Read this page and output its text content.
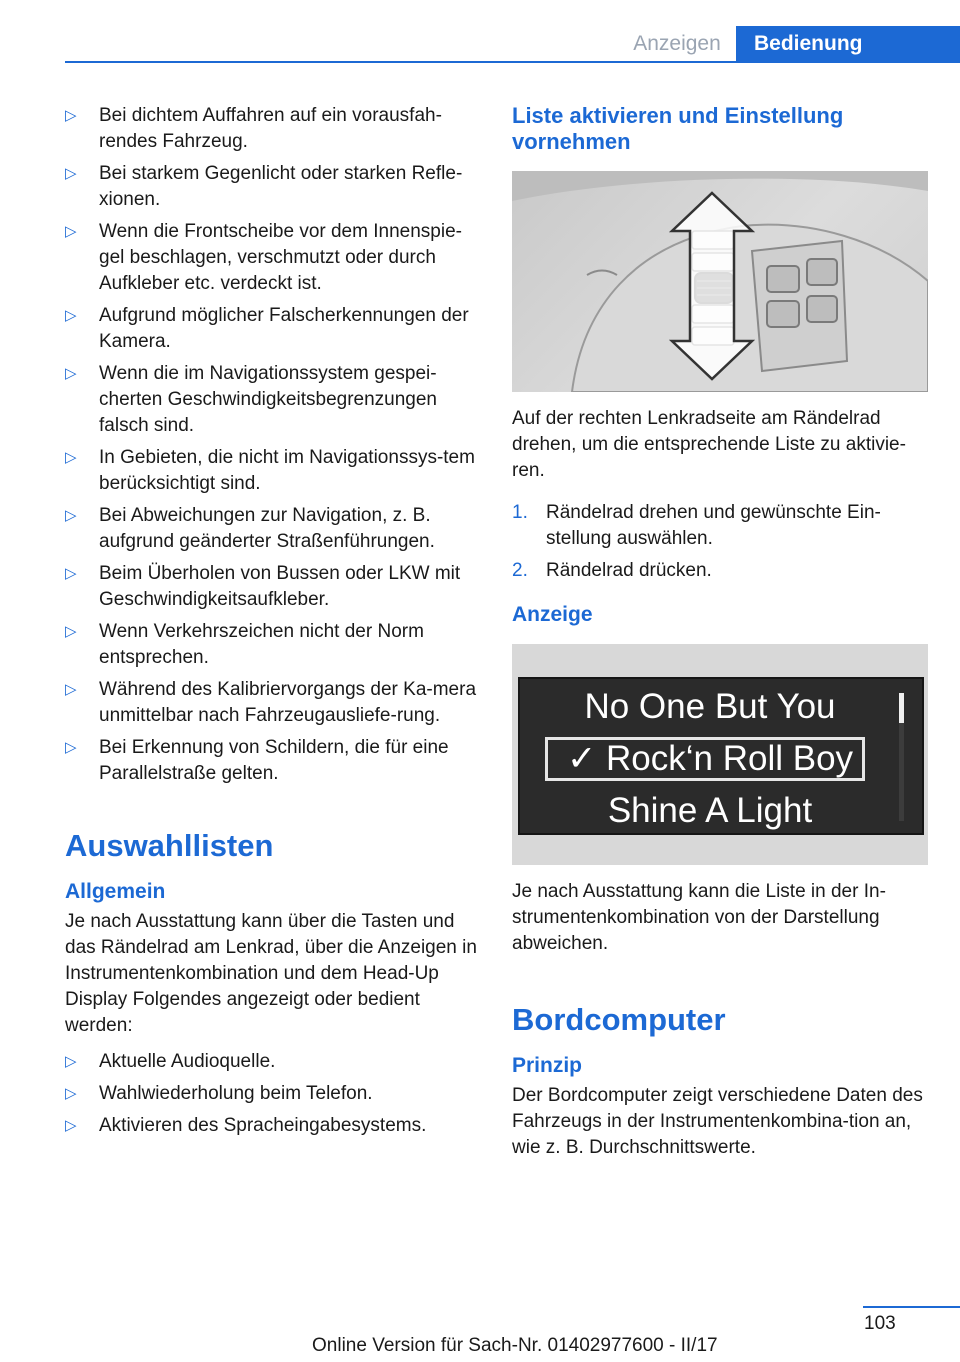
Anzeigen	Bedienung
▷ Bei dichtem Auffahren auf ein vorausfah-rendes Fahrzeug.
▷ Bei starkem Gegenlicht oder starken Refle-xionen.
▷ Wenn die Frontscheibe vor dem Innenspie-gel beschlagen, verschmutzt oder durch Aufkleber etc. verdeckt ist.
▷ Aufgrund möglicher Falscherkennungen der Kamera.
▷ Wenn die im Navigationssystem gespei-cherten Geschwindigkeitsbegrenzungen falsch sind.
▷ In Gebieten, die nicht im Navigationssys-tem berücksichtigt sind.
▷ Bei Abweichungen zur Navigation, z. B. aufgrund geänderter Straßenführungen.
▷ Beim Überholen von Bussen oder LKW mit Geschwindigkeitsaufkleber.
▷ Wenn Verkehrszeichen nicht der Norm entsprechen.
▷ Während des Kalibriervorgangs der Ka-mera unmittelbar nach Fahrzeugausliefe-rung.
▷ Bei Erkennung von Schildern, die für eine Parallelstraße gelten.
Auswahllisten
Allgemein

Je nach Ausstattung kann über die Tasten und das Rändelrad am Lenkrad, über die Anzeigen in Instrumentenkombination und dem Head-Up Display Folgendes angezeigt oder bedient werden:

▷ Aktuelle Audioquelle.
▷ Wahlwiederholung beim Telefon.
▷ Aktivieren des Spracheingabesystems.
Liste aktivieren und Einstellung vornehmen

Auf der rechten Lenkradseite am Rändelrad drehen, um die entsprechende Liste zu aktivie-ren.

1. Rändelrad drehen und gewünschte Ein-stellung auswählen.
2. Rändelrad drücken.
Anzeige
No One But You
✓ Rock‘n Roll Boy
Shine A Light

Je nach Ausstattung kann die Liste in der In-strumentenkombination von der Darstellung abweichen.

Bordcomputer
Prinzip

Der Bordcomputer zeigt verschiedene Daten des Fahrzeugs in der Instrumentenkombina-tion an, wie z. B. Durchschnittswerte.

103
Online Version für Sach-Nr. 01402977600 - II/17
